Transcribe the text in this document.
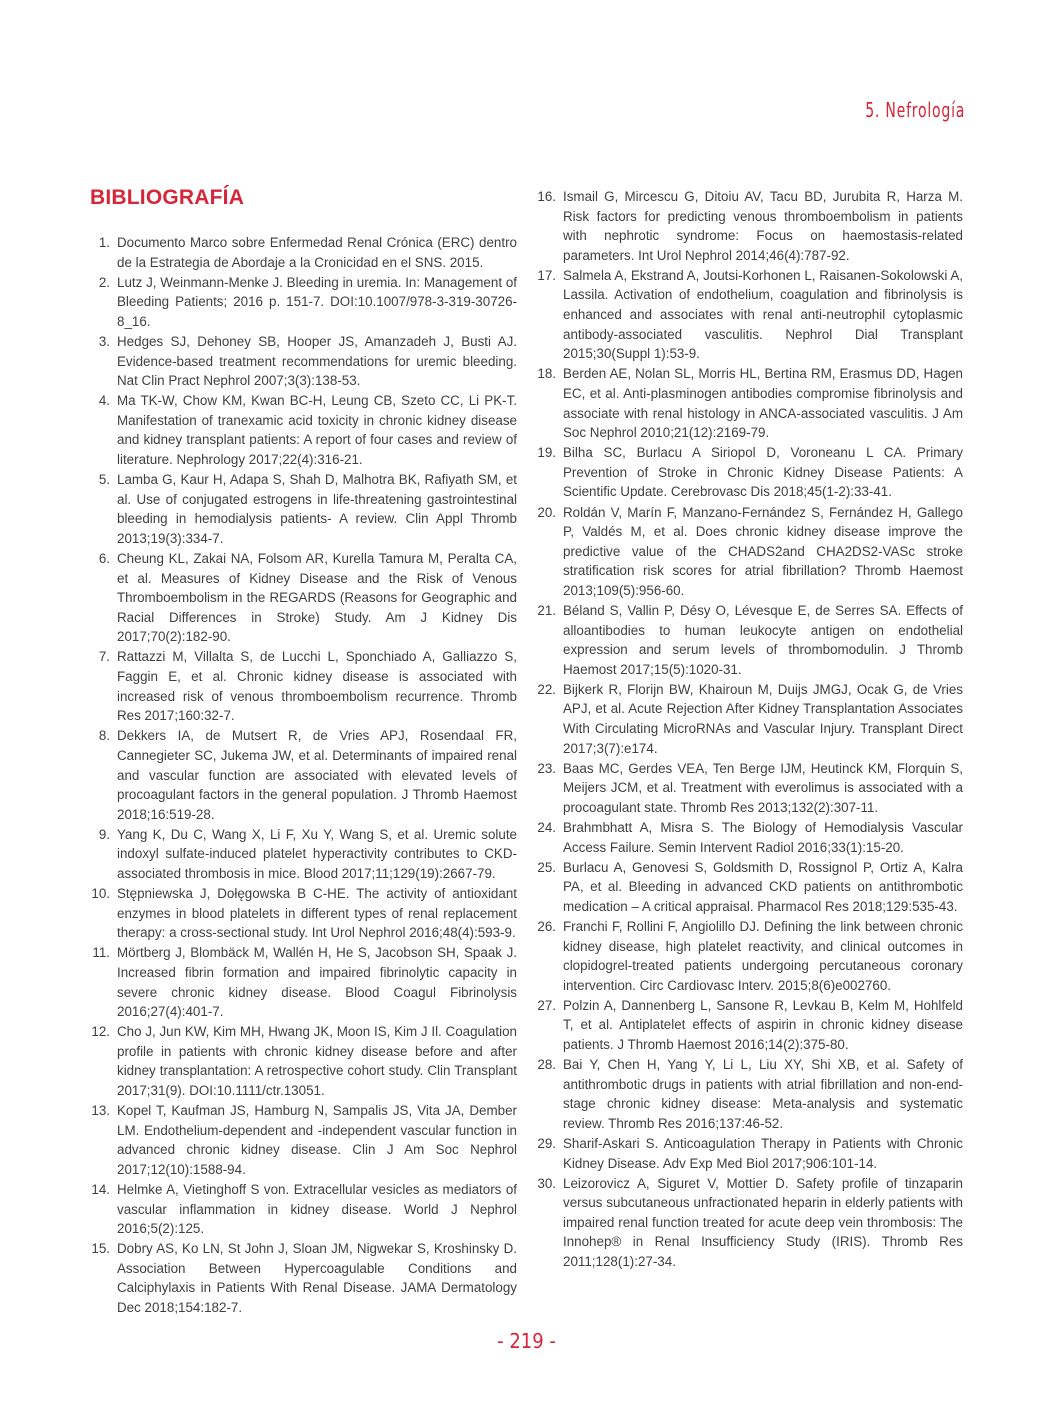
5. Nefrología
BIBLIOGRAFÍA
1. Documento Marco sobre Enfermedad Renal Crónica (ERC) dentro de la Estrategia de Abordaje a la Cronicidad en el SNS. 2015.
2. Lutz J, Weinmann-Menke J. Bleeding in uremia. In: Management of Bleeding Patients; 2016 p. 151-7. DOI:10.1007/978-3-319-30726-8_16.
3. Hedges SJ, Dehoney SB, Hooper JS, Amanzadeh J, Busti AJ. Evidence-based treatment recommendations for uremic bleeding. Nat Clin Pract Nephrol 2007;3(3):138-53.
4. Ma TK-W, Chow KM, Kwan BC-H, Leung CB, Szeto CC, Li PK-T. Manifestation of tranexamic acid toxicity in chronic kidney disease and kidney transplant patients: A report of four cases and review of literature. Nephrology 2017;22(4):316-21.
5. Lamba G, Kaur H, Adapa S, Shah D, Malhotra BK, Rafiyath SM, et al. Use of conjugated estrogens in life-threatening gastrointestinal bleeding in hemodialysis patients- A review. Clin Appl Thromb 2013;19(3):334-7.
6. Cheung KL, Zakai NA, Folsom AR, Kurella Tamura M, Peralta CA, et al. Measures of Kidney Disease and the Risk of Venous Thromboembolism in the REGARDS (Reasons for Geographic and Racial Differences in Stroke) Study. Am J Kidney Dis 2017;70(2):182-90.
7. Rattazzi M, Villalta S, de Lucchi L, Sponchiado A, Galliazzo S, Faggin E, et al. Chronic kidney disease is associated with increased risk of venous thromboembolism recurrence. Thromb Res 2017;160:32-7.
8. Dekkers IA, de Mutsert R, de Vries APJ, Rosendaal FR, Cannegieter SC, Jukema JW, et al. Determinants of impaired renal and vascular function are associated with elevated levels of procoagulant factors in the general population. J Thromb Haemost 2018;16:519-28.
9. Yang K, Du C, Wang X, Li F, Xu Y, Wang S, et al. Uremic solute indoxyl sulfate-induced platelet hyperactivity contributes to CKD-associated thrombosis in mice. Blood 2017;11;129(19):2667-79.
10. Stępniewska J, Dołęgowska B C-HE. The activity of antioxidant enzymes in blood platelets in different types of renal replacement therapy: a cross-sectional study. Int Urol Nephrol 2016;48(4):593-9.
11. Mörtberg J, Blombäck M, Wallén H, He S, Jacobson SH, Spaak J. Increased fibrin formation and impaired fibrinolytic capacity in severe chronic kidney disease. Blood Coagul Fibrinolysis 2016;27(4):401-7.
12. Cho J, Jun KW, Kim MH, Hwang JK, Moon IS, Kim J Il. Coagulation profile in patients with chronic kidney disease before and after kidney transplantation: A retrospective cohort study. Clin Transplant 2017;31(9). DOI:10.1111/ctr.13051.
13. Kopel T, Kaufman JS, Hamburg N, Sampalis JS, Vita JA, Dember LM. Endothelium-dependent and -independent vascular function in advanced chronic kidney disease. Clin J Am Soc Nephrol 2017;12(10):1588-94.
14. Helmke A, Vietinghoff S von. Extracellular vesicles as mediators of vascular inflammation in kidney disease. World J Nephrol 2016;5(2):125.
15. Dobry AS, Ko LN, St John J, Sloan JM, Nigwekar S, Kroshinsky D. Association Between Hypercoagulable Conditions and Calciphylaxis in Patients With Renal Disease. JAMA Dermatology Dec 2018;154:182-7.
16. Ismail G, Mircescu G, Ditoiu AV, Tacu BD, Jurubita R, Harza M. Risk factors for predicting venous thromboembolism in patients with nephrotic syndrome: Focus on haemostasis-related parameters. Int Urol Nephrol 2014;46(4):787-92.
17. Salmela A, Ekstrand A, Joutsi-Korhonen L, Raisanen-Sokolowski A, Lassila. Activation of endothelium, coagulation and fibrinolysis is enhanced and associates with renal anti-neutrophil cytoplasmic antibody-associated vasculitis. Nephrol Dial Transplant 2015;30(Suppl 1):53-9.
18. Berden AE, Nolan SL, Morris HL, Bertina RM, Erasmus DD, Hagen EC, et al. Anti-plasminogen antibodies compromise fibrinolysis and associate with renal histology in ANCA-associated vasculitis. J Am Soc Nephrol 2010;21(12):2169-79.
19. Bilha SC, Burlacu A Siriopol D, Voroneanu L CA. Primary Prevention of Stroke in Chronic Kidney Disease Patients: A Scientific Update. Cerebrovasc Dis 2018;45(1-2):33-41.
20. Roldán V, Marín F, Manzano-Fernández S, Fernández H, Gallego P, Valdés M, et al. Does chronic kidney disease improve the predictive value of the CHADS2and CHA2DS2-VASc stroke stratification risk scores for atrial fibrillation? Thromb Haemost 2013;109(5):956-60.
21. Béland S, Vallin P, Désy O, Lévesque E, de Serres SA. Effects of alloantibodies to human leukocyte antigen on endothelial expression and serum levels of thrombomodulin. J Thromb Haemost 2017;15(5):1020-31.
22. Bijkerk R, Florijn BW, Khairoun M, Duijs JMGJ, Ocak G, de Vries APJ, et al. Acute Rejection After Kidney Transplantation Associates With Circulating MicroRNAs and Vascular Injury. Transplant Direct 2017;3(7):e174.
23. Baas MC, Gerdes VEA, Ten Berge IJM, Heutinck KM, Florquin S, Meijers JCM, et al. Treatment with everolimus is associated with a procoagulant state. Thromb Res 2013;132(2):307-11.
24. Brahmbhatt A, Misra S. The Biology of Hemodialysis Vascular Access Failure. Semin Intervent Radiol 2016;33(1):15-20.
25. Burlacu A, Genovesi S, Goldsmith D, Rossignol P, Ortiz A, Kalra PA, et al. Bleeding in advanced CKD patients on antithrombotic medication – A critical appraisal. Pharmacol Res 2018;129:535-43.
26. Franchi F, Rollini F, Angiolillo DJ. Defining the link between chronic kidney disease, high platelet reactivity, and clinical outcomes in clopidogrel-treated patients undergoing percutaneous coronary intervention. Circ Cardiovasc Interv. 2015;8(6)e002760.
27. Polzin A, Dannenberg L, Sansone R, Levkau B, Kelm M, Hohlfeld T, et al. Antiplatelet effects of aspirin in chronic kidney disease patients. J Thromb Haemost 2016;14(2):375-80.
28. Bai Y, Chen H, Yang Y, Li L, Liu XY, Shi XB, et al. Safety of antithrombotic drugs in patients with atrial fibrillation and non-end-stage chronic kidney disease: Meta-analysis and systematic review. Thromb Res 2016;137:46-52.
29. Sharif-Askari S. Anticoagulation Therapy in Patients with Chronic Kidney Disease. Adv Exp Med Biol 2017;906:101-14.
30. Leizorovicz A, Siguret V, Mottier D. Safety profile of tinzaparin versus subcutaneous unfractionated heparin in elderly patients with impaired renal function treated for acute deep vein thrombosis: The Innohep® in Renal Insufficiency Study (IRIS). Thromb Res 2011;128(1):27-34.
- 219 -
